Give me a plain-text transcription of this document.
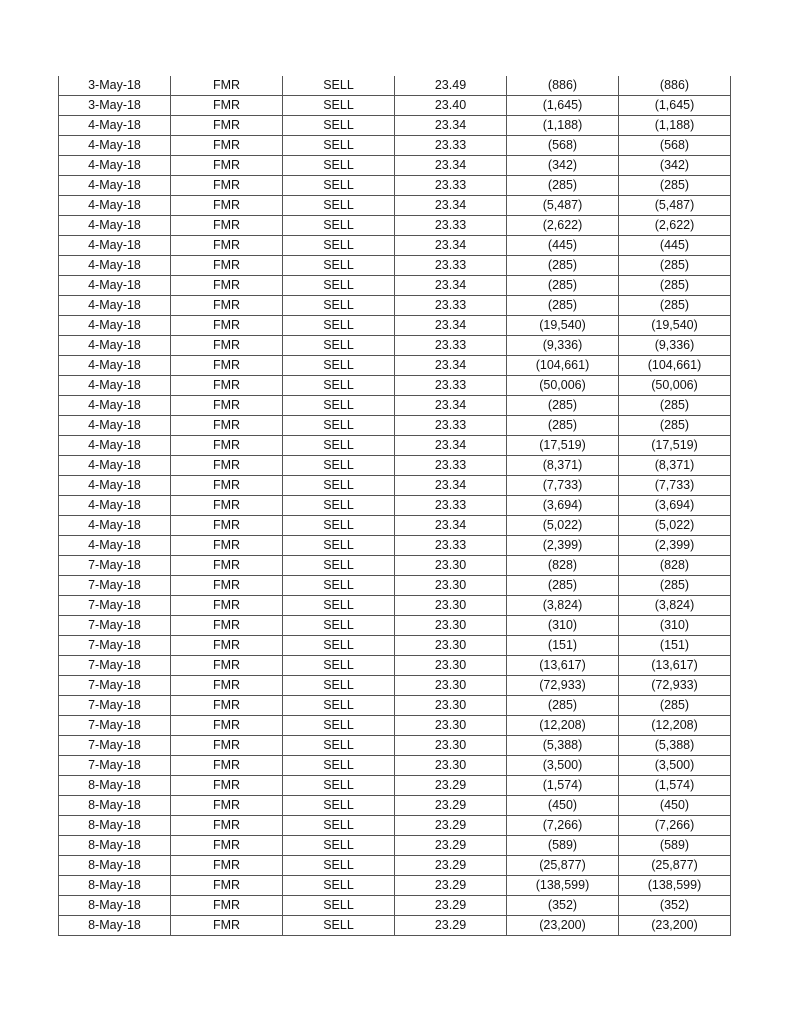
3-May-18	FMR	SELL	23.49	(886)	(886)
3-May-18	FMR	SELL	23.40	(1,645)	(1,645)
4-May-18	FMR	SELL	23.34	(1,188)	(1,188)
4-May-18	FMR	SELL	23.33	(568)	(568)
4-May-18	FMR	SELL	23.34	(342)	(342)
4-May-18	FMR	SELL	23.33	(285)	(285)
4-May-18	FMR	SELL	23.34	(5,487)	(5,487)
4-May-18	FMR	SELL	23.33	(2,622)	(2,622)
4-May-18	FMR	SELL	23.34	(445)	(445)
4-May-18	FMR	SELL	23.33	(285)	(285)
4-May-18	FMR	SELL	23.34	(285)	(285)
4-May-18	FMR	SELL	23.33	(285)	(285)
4-May-18	FMR	SELL	23.34	(19,540)	(19,540)
4-May-18	FMR	SELL	23.33	(9,336)	(9,336)
4-May-18	FMR	SELL	23.34	(104,661)	(104,661)
4-May-18	FMR	SELL	23.33	(50,006)	(50,006)
4-May-18	FMR	SELL	23.34	(285)	(285)
4-May-18	FMR	SELL	23.33	(285)	(285)
4-May-18	FMR	SELL	23.34	(17,519)	(17,519)
4-May-18	FMR	SELL	23.33	(8,371)	(8,371)
4-May-18	FMR	SELL	23.34	(7,733)	(7,733)
4-May-18	FMR	SELL	23.33	(3,694)	(3,694)
4-May-18	FMR	SELL	23.34	(5,022)	(5,022)
4-May-18	FMR	SELL	23.33	(2,399)	(2,399)
7-May-18	FMR	SELL	23.30	(828)	(828)
7-May-18	FMR	SELL	23.30	(285)	(285)
7-May-18	FMR	SELL	23.30	(3,824)	(3,824)
7-May-18	FMR	SELL	23.30	(310)	(310)
7-May-18	FMR	SELL	23.30	(151)	(151)
7-May-18	FMR	SELL	23.30	(13,617)	(13,617)
7-May-18	FMR	SELL	23.30	(72,933)	(72,933)
7-May-18	FMR	SELL	23.30	(285)	(285)
7-May-18	FMR	SELL	23.30	(12,208)	(12,208)
7-May-18	FMR	SELL	23.30	(5,388)	(5,388)
7-May-18	FMR	SELL	23.30	(3,500)	(3,500)
8-May-18	FMR	SELL	23.29	(1,574)	(1,574)
8-May-18	FMR	SELL	23.29	(450)	(450)
8-May-18	FMR	SELL	23.29	(7,266)	(7,266)
8-May-18	FMR	SELL	23.29	(589)	(589)
8-May-18	FMR	SELL	23.29	(25,877)	(25,877)
8-May-18	FMR	SELL	23.29	(138,599)	(138,599)
8-May-18	FMR	SELL	23.29	(352)	(352)
8-May-18	FMR	SELL	23.29	(23,200)	(23,200)
